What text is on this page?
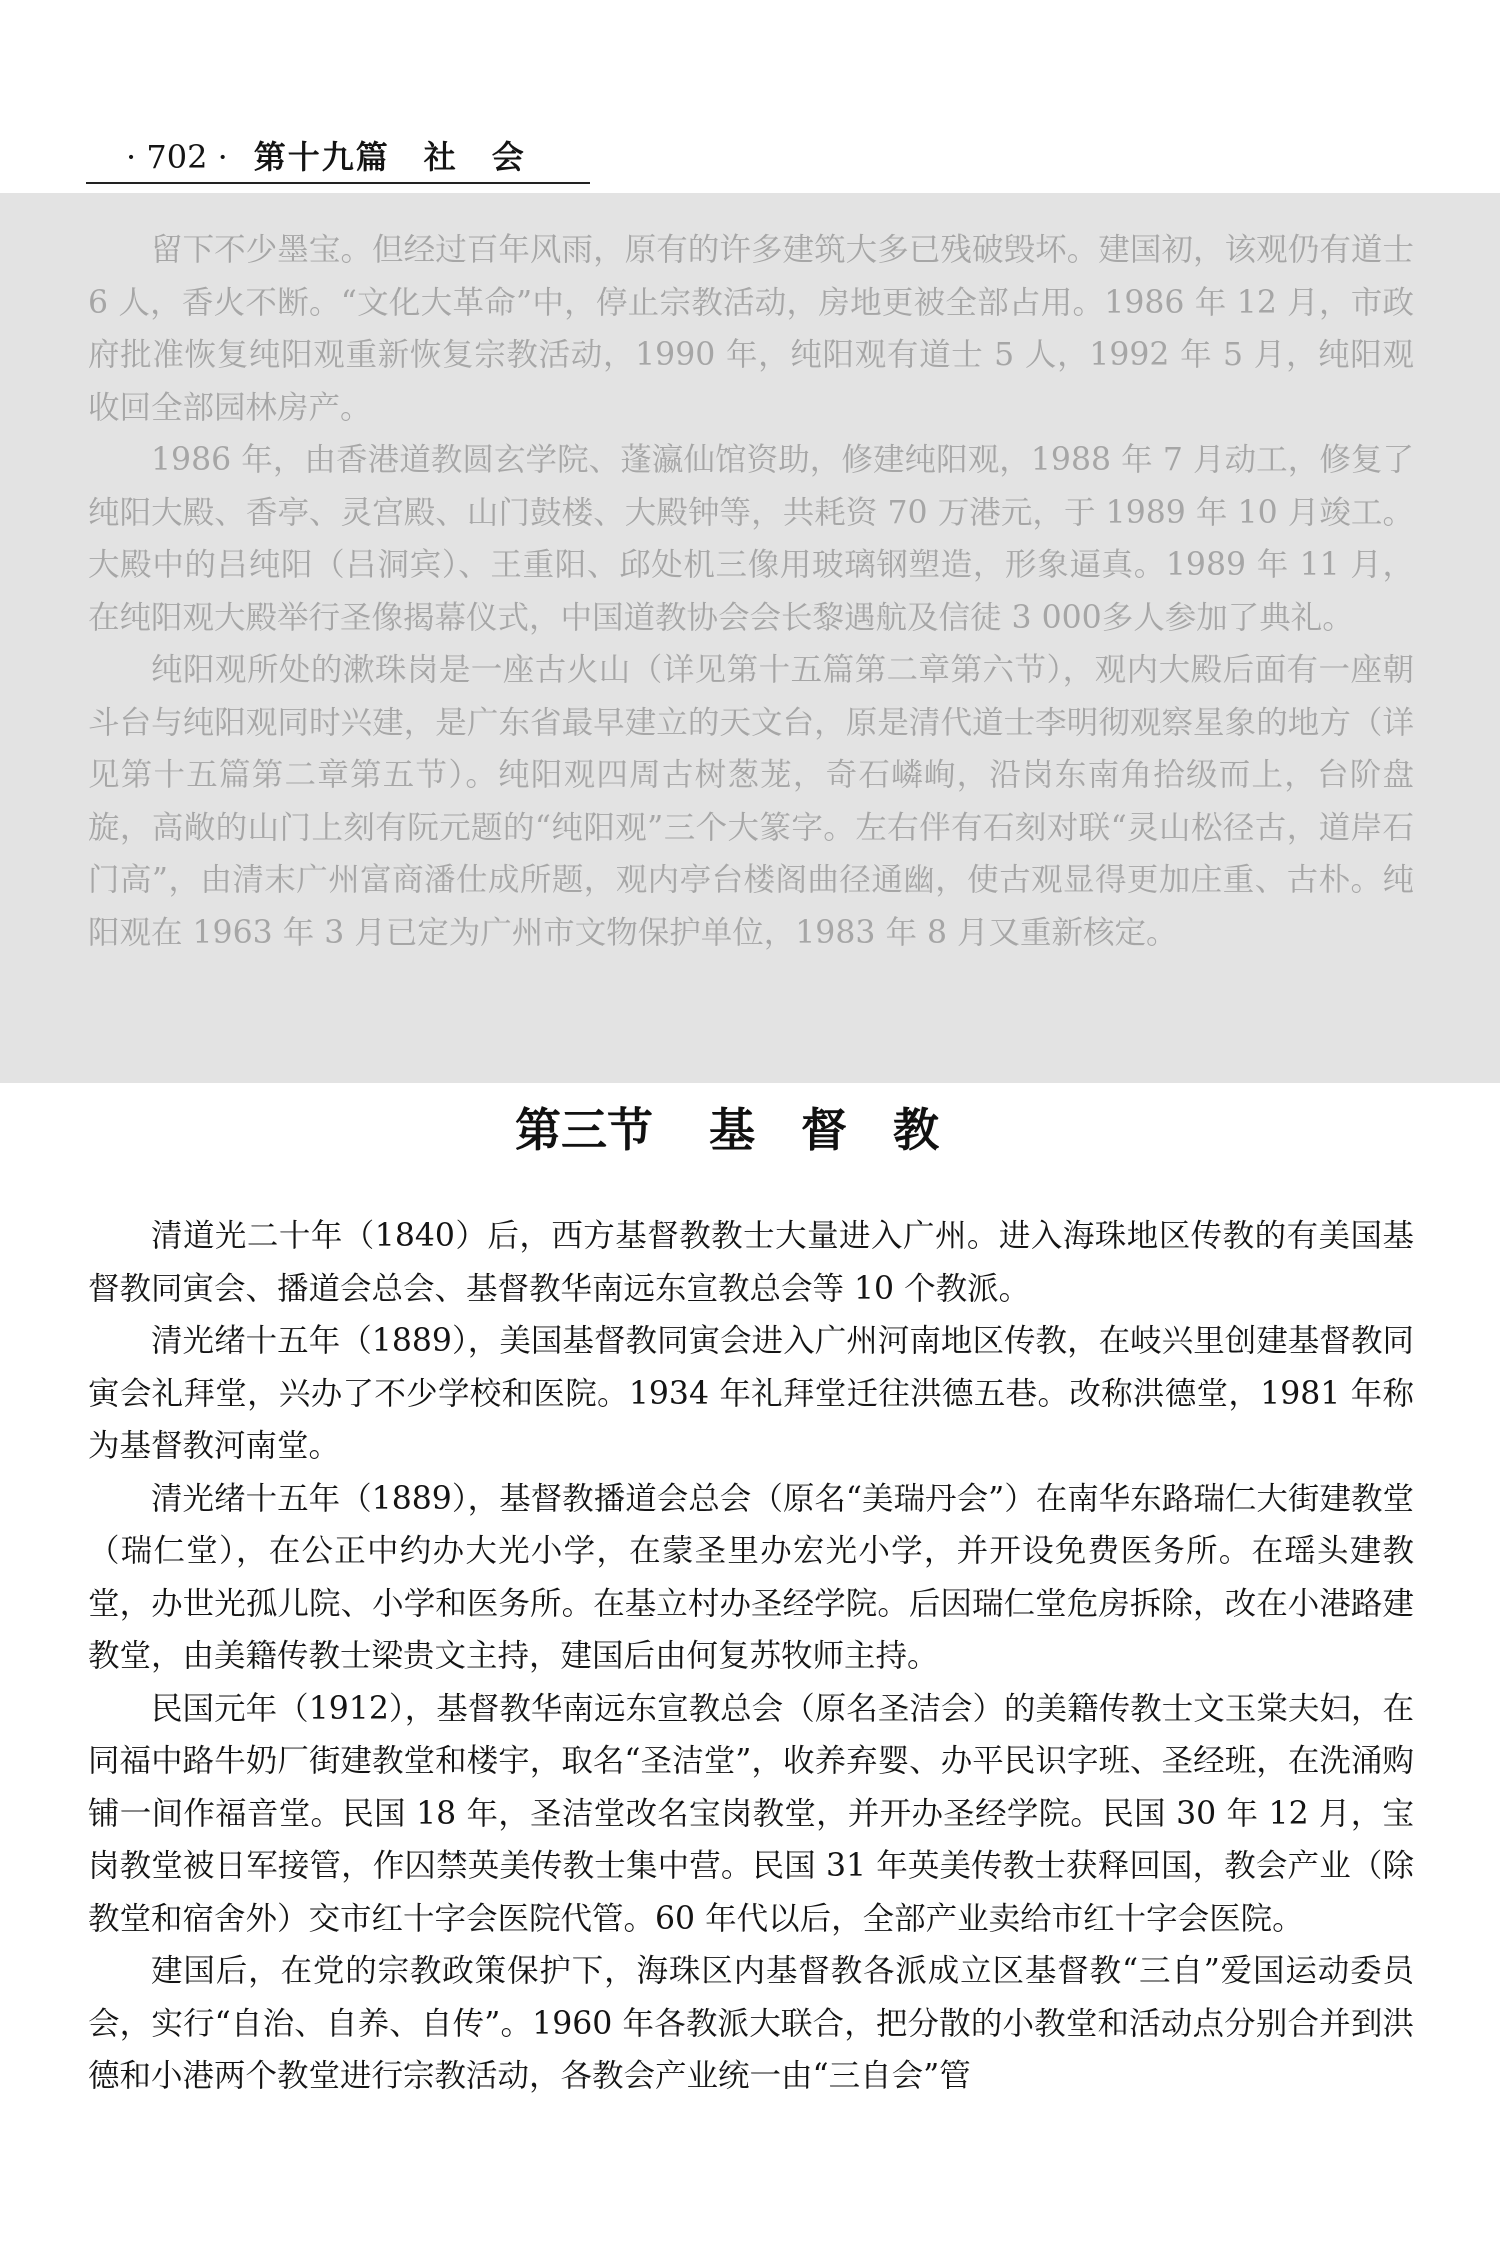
· 702 · 第十九篇　社　会

留下不少墨宝。但经过百年风雨，原有的许多建筑大多已残破毁坏。建国初，该观仍有道士 6 人，香火不断。“文化大革命”中，停止宗教活动，房地更被全部占用。1986 年 12 月，市政府批准恢复纯阳观重新恢复宗教活动，1990 年，纯阳观有道士 5 人，1992 年 5 月，纯阳观收回全部园林房产。

1986 年，由香港道教圆玄学院、蓬瀛仙馆资助，修建纯阳观，1988 年 7 月动工，修复了纯阳大殿、香亭、灵宫殿、山门鼓楼、大殿钟等，共耗资 70 万港元，于 1989 年 10 月竣工。大殿中的吕纯阳（吕洞宾）、王重阳、邱处机三像用玻璃钢塑造，形象逼真。1989 年 11 月，在纯阳观大殿举行圣像揭幕仪式，中国道教协会会长黎遇航及信徒 3 000多人参加了典礼。

纯阳观所处的漱珠岗是一座古火山（详见第十五篇第二章第六节），观内大殿后面有一座朝斗台与纯阳观同时兴建，是广东省最早建立的天文台，原是清代道士李明彻观察星象的地方（详见第十五篇第二章第五节）。纯阳观四周古树葱茏，奇石嶙峋，沿岗东南角拾级而上，台阶盘旋，高敞的山门上刻有阮元题的“纯阳观”三个大篆字。左右伴有石刻对联“灵山松径古，道岸石门高”，由清末广州富商潘仕成所题，观内亭台楼阁曲径通幽，使古观显得更加庄重、古朴。纯阳观在 1963 年 3 月已定为广州市文物保护单位，1983 年 8 月又重新核定。

第三节 基督教

清道光二十年（1840）后，西方基督教教士大量进入广州。进入海珠地区传教的有美国基督教同寅会、播道会总会、基督教华南远东宣教总会等 10 个教派。

清光绪十五年（1889），美国基督教同寅会进入广州河南地区传教，在岐兴里创建基督教同寅会礼拜堂，兴办了不少学校和医院。1934 年礼拜堂迁往洪德五巷。改称洪德堂，1981 年称为基督教河南堂。

清光绪十五年（1889），基督教播道会总会（原名“美瑞丹会”）在南华东路瑞仁大街建教堂（瑞仁堂），在公正中约办大光小学，在蒙圣里办宏光小学，并开设免费医务所。在瑶头建教堂，办世光孤儿院、小学和医务所。在基立村办圣经学院。后因瑞仁堂危房拆除，改在小港路建教堂，由美籍传教士梁贵文主持，建国后由何复苏牧师主持。

民国元年（1912），基督教华南远东宣教总会（原名圣洁会）的美籍传教士文玉棠夫妇，在同福中路牛奶厂街建教堂和楼宇，取名“圣洁堂”，收养弃婴、办平民识字班、圣经班，在洗涌购铺一间作福音堂。民国 18 年，圣洁堂改名宝岗教堂，并开办圣经学院。民国 30 年 12 月，宝岗教堂被日军接管，作囚禁英美传教士集中营。民国 31 年英美传教士获释回国，教会产业（除教堂和宿舍外）交市红十字会医院代管。60 年代以后，全部产业卖给市红十字会医院。

建国后，在党的宗教政策保护下，海珠区内基督教各派成立区基督教“三自”爱国运动委员会，实行“自治、自养、自传”。1960 年各教派大联合，把分散的小教堂和活动点分别合并到洪德和小港两个教堂进行宗教活动，各教会产业统一由“三自会”管
